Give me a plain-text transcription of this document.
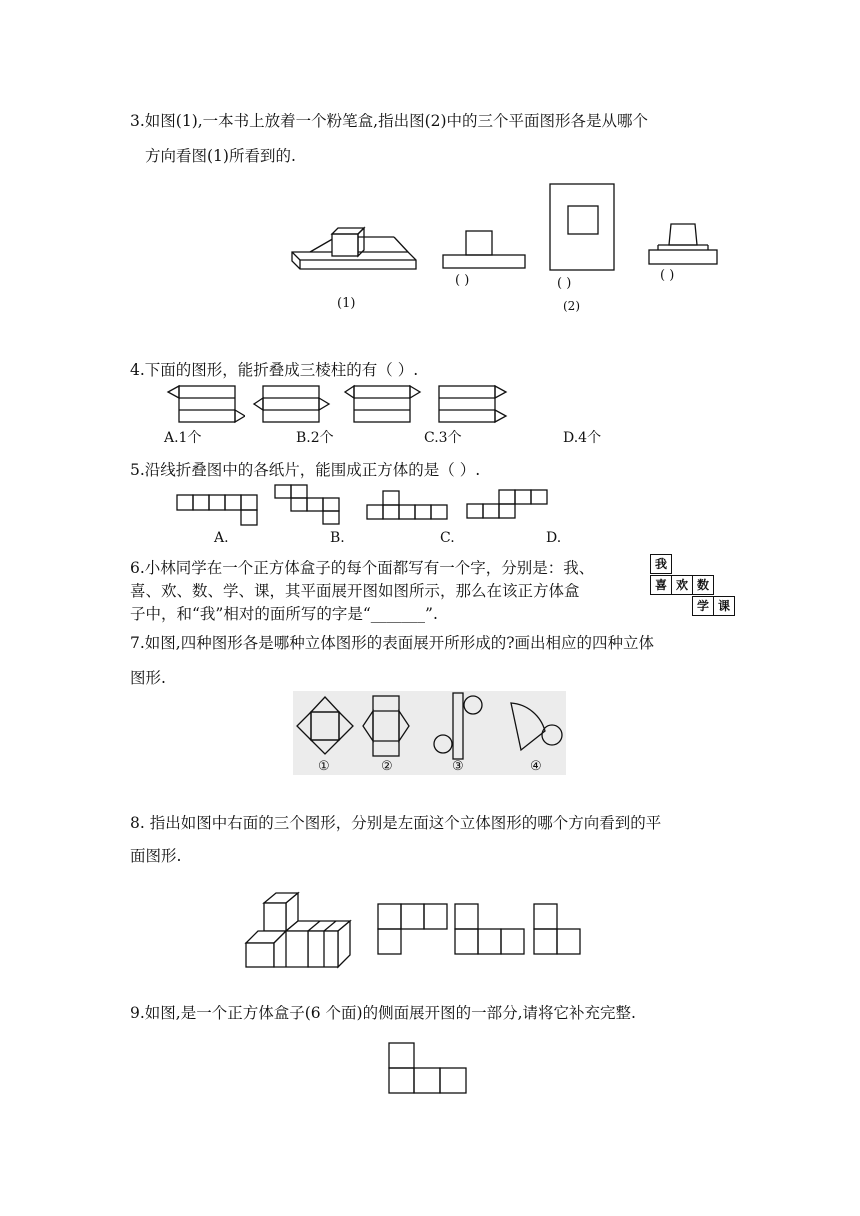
3.如图(1),一本书上放着一个粉笔盒,指出图(2)中的三个平面图形各是从哪个
方向看图(1)所看到的.
(1)
( )	( )
(2)
( )
4.下面的图形，能折叠成三棱柱的有（ ）.
A.1个	B.2个	C.3个	D.4个
5.沿线折叠图中的各纸片，能围成正方体的是（ ）.
A.	B.	C.	D.
6.小林同学在一个正方体盒子的每个面都写有一个字，分别是：我、
喜、欢、数、学、课，其平面展开图如图所示，那么在该正方体盒
子中，和“我”相对的面所写的字是“_______”.
我
喜 欢 数
学 课
7.如图,四种图形各是哪种立体图形的表面展开所形成的?画出相应的四种立体
图形.
①	②	③	④
8. 指出如图中右面的三个图形，分别是左面这个立体图形的哪个方向看到的平
面图形.
9.如图,是一个正方体盒子(6 个面)的侧面展开图的一部分,请将它补充完整.
